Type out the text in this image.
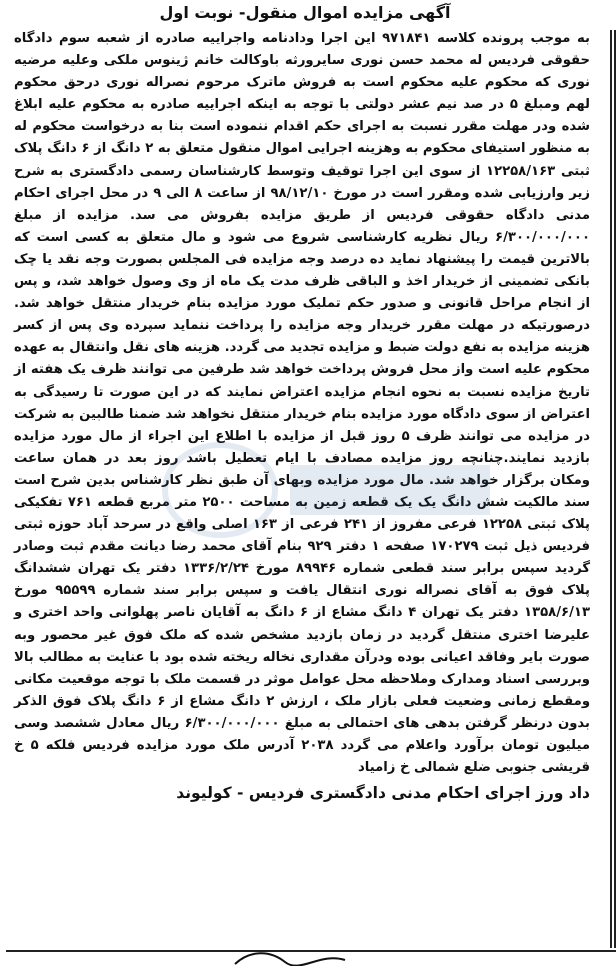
آگهی مزایده اموال منقول- نوبت اول

به موجب پرونده کلاسه ۹۷۱۸۴۱ این اجرا ودادنامه واجراییه صادره از شعبه سوم دادگاه حقوقی فردیس له محمد حسن نوری سایرورثه باوکالت خانم ژینوس ملکی وعلیه مرضیه نوری که محکوم علیه محکوم است به فروش ماترک مرحوم نصراله نوری درحق محکوم لهم ومبلغ ۵ در صد نیم عشر دولتی با توجه به اینکه اجراییه صادره به محکوم علیه ابلاغ شده ودر مهلت مقرر نسبت به اجرای حکم اقدام ننموده است بنا به درخواست محکوم له به منظور استیفای محکوم به وهزینه اجرایی اموال منقول متعلق به ۲ دانگ از ۶ دانگ پلاک ثبتی ۱۲۲۵۸/۱۶۳ از سوی این اجرا توقیف وتوسط کارشناسان رسمی دادگستری به شرح زیر وارزیابی شده ومقرر است در مورخ ۹۸/۱۲/۱۰ از ساعت ۸ الی ۹ در محل اجرای احکام مدنی دادگاه حقوقی فردیس از طریق مزایده بفروش می سد. مزایده از مبلغ ۶/۳۰۰/۰۰۰/۰۰۰ ریال نظریه کارشناسی شروع می شود و مال متعلق به کسی است که بالاترین قیمت را پیشنهاد نماید ده درصد وجه مزایده فی المجلس بصورت وجه نقد یا چک بانکی تضمینی از خریدار اخذ و الباقی ظرف مدت یک ماه از وی وصول خواهد شد، و پس از انجام مراحل قانونی و صدور حکم تملیک مورد مزایده بنام خریدار منتقل خواهد شد. درصورتیکه در مهلت مقرر خریدار وجه مزایده را پرداخت ننماید سپرده وی پس از کسر هزینه مزایده به نفع دولت ضبط و مزایده تجدید می گردد. هزینه های نقل وانتقال به عهده محکوم علیه است واز محل فروش پرداخت خواهد شد طرفین می توانند ظرف یک هفته از تاریخ مزایده نسبت به نحوه انجام مزایده اعتراض نمایند که در این صورت تا رسیدگی به اعتراض از سوی دادگاه مورد مزایده بنام خریدار منتقل نخواهد شد ضمنا طالبین به شرکت در مزایده می توانند ظرف ۵ روز قبل از مزایده با اطلاع این اجراء از مال مورد مزایده بازدید نمایند.چنانچه روز مزایده مصادف با ایام تعطیل باشد روز بعد در همان ساعت ومکان برگزار خواهد شد. مال مورد مزایده وبهای آن طبق نظر کارشناس بدین شرح است سند مالکیت شش دانگ یک یک قطعه زمین به مساحت ۲۵۰۰ متر مربع قطعه ۷۶۱ تفکیکی پلاک ثبتی ۱۲۲۵۸ فرعی مفروز از ۲۴۱ فرعی از ۱۶۳ اصلی واقع در سرحد آباد حوزه ثبتی فردیس ذیل ثبت ۱۷۰۲۷۹ صفحه ۱ دفتر ۹۲۹ بنام آقای محمد رضا دیانت مقدم ثبت وصادر گردید سپس برابر سند قطعی شماره ۸۹۹۴۶ مورخ ۱۳۳۶/۲/۲۴ دفتر یک تهران ششدانگ پلاک فوق به آقای نصراله نوری انتقال یافت و سپس برابر سند شماره ۹۵۵۹۹ مورخ ۱۳۵۸/۶/۱۳ دفتر یک تهران ۴ دانگ مشاع از ۶ دانگ به آقایان ناصر پهلوانی واحد اختری و علیرضا اختری منتقل گردید در زمان بازدید مشخص شده که ملک فوق غیر محصور وبه صورت بایر وفاقد اعیانی بوده ودرآن مقداری نخاله ریخته شده بود با عنایت به مطالب بالا وبررسی اسناد ومدارک وملاحظه محل عوامل موثر در قسمت ملک با توجه موقعیت مکانی ومقطع زمانی وضعیت فعلی بازار ملک ، ارزش ۲ دانگ مشاع از ۶ دانگ پلاک فوق الذکر بدون درنظر گرفتن بدهی های احتمالی به مبلغ ۶/۳۰۰/۰۰۰/۰۰۰ ریال معادل ششصد وسی میلیون تومان برآورد واعلام می گردد ۲۰۳۸ آدرس ملک مورد مزایده فردیس فلکه ۵ خ قریشی جنوبی ضلع شمالی خ زامیاد

داد ورز اجرای احکام مدنی دادگستری فردیس - کولیوند
